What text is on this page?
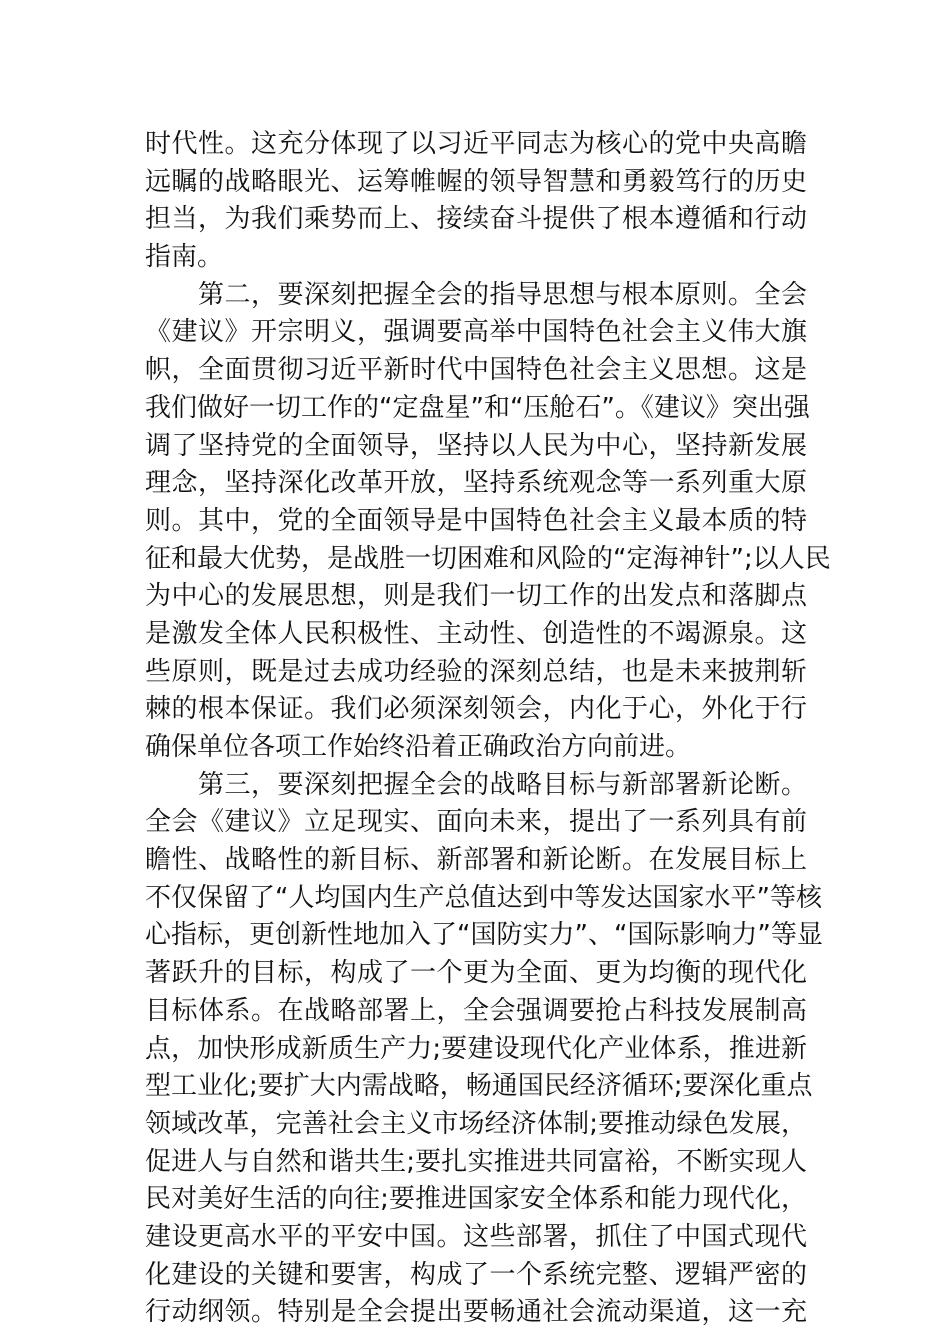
时代性。这充分体现了以习近平同志为核心的党中央高瞻
远瞩的战略眼光、运筹帷幄的领导智慧和勇毅笃行的历史
担当，为我们乘势而上、接续奋斗提供了根本遵循和行动
指南。
　　第二，要深刻把握全会的指导思想与根本原则。全会
《建议》开宗明义，强调要高举中国特色社会主义伟大旗
帜，全面贯彻习近平新时代中国特色社会主义思想。这是
我们做好一切工作的“定盘星”和“压舱石”。《建议》突出强
调了坚持党的全面领导，坚持以人民为中心，坚持新发展
理念，坚持深化改革开放，坚持系统观念等一系列重大原
则。其中，党的全面领导是中国特色社会主义最本质的特
征和最大优势，是战胜一切困难和风险的“定海神针”;以人民
为中心的发展思想，则是我们一切工作的出发点和落脚点
是激发全体人民积极性、主动性、创造性的不竭源泉。这
些原则，既是过去成功经验的深刻总结，也是未来披荆斩
棘的根本保证。我们必须深刻领会，内化于心，外化于行
确保单位各项工作始终沿着正确政治方向前进。
　　第三，要深刻把握全会的战略目标与新部署新论断。
全会《建议》立足现实、面向未来，提出了一系列具有前
瞻性、战略性的新目标、新部署和新论断。在发展目标上
不仅保留了“人均国内生产总值达到中等发达国家水平”等核
心指标，更创新性地加入了“国防实力”、“国际影响力”等显
著跃升的目标，构成了一个更为全面、更为均衡的现代化
目标体系。在战略部署上，全会强调要抢占科技发展制高
点，加快形成新质生产力;要建设现代化产业体系，推进新
型工业化;要扩大内需战略，畅通国民经济循环;要深化重点
领域改革，完善社会主义市场经济体制;要推动绿色发展，
促进人与自然和谐共生;要扎实推进共同富裕，不断实现人
民对美好生活的向往;要推进国家安全体系和能力现代化，
建设更高水平的平安中国。这些部署，抓住了中国式现代
化建设的关键和要害，构成了一个系统完整、逻辑严密的
行动纲领。特别是全会提出要畅通社会流动渠道，这一充
